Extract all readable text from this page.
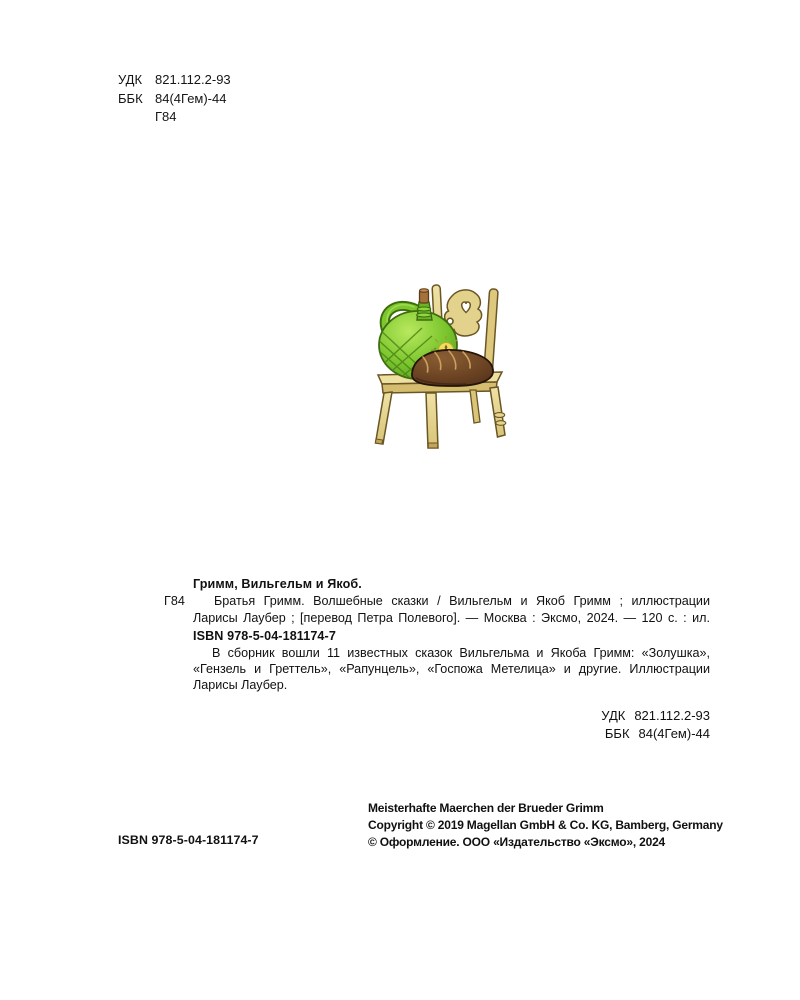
УДК 821.112.2-93
ББК 84(4Гем)-44
Г84
Гримм, Вильгельм и Якоб.
Г84 Братья Гримм. Волшебные сказки / Вильгельм и Якоб Гримм ; иллюстрации
Ларисы Лаубер ; [перевод Петра Полевого]. — Москва : Эксмо, 2024. — 120 с. : ил.
ISBN 978-5-04-181174-7
В сборник вошли 11 известных сказок Вильгельма и Якоба Гримм: «Золушка»,
«Гензель и Греттель», «Рапунцель», «Госпожа Метелица» и другие. Иллюстрации
Ларисы Лаубер.
УДК 821.112.2-93
ББК 84(4Гем)-44
Meisterhafte Maerchen der Brueder Grimm
Copyright © 2019 Magellan GmbH & Co. KG, Bamberg, Germany
© Оформление. ООО «Издательство «Эксмо», 2024
ISBN 978-5-04-181174-7
